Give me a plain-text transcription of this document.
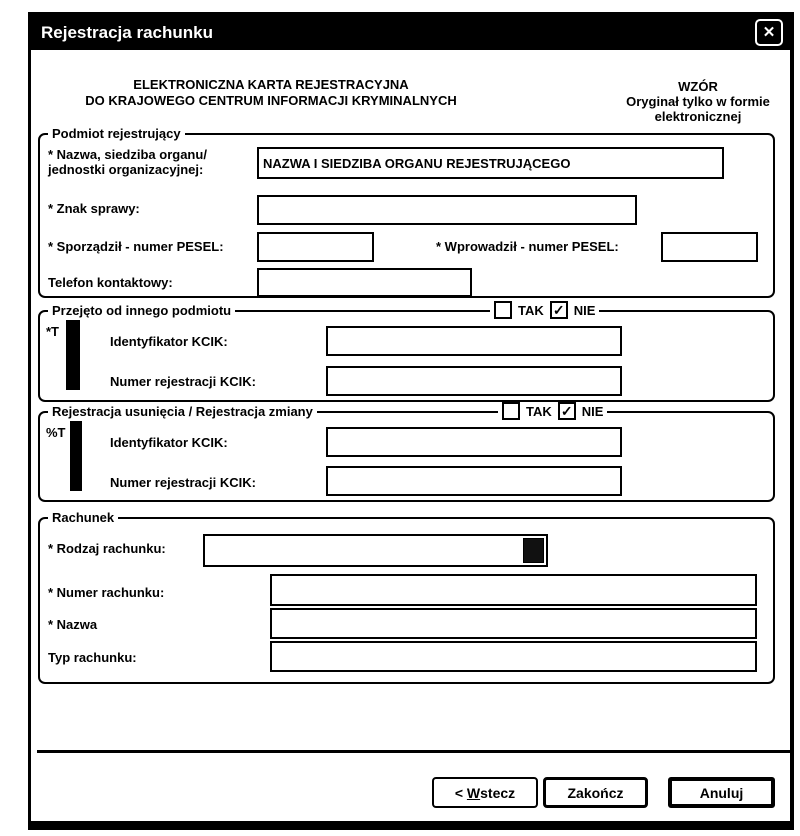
Rejestracja rachunku	✕
ELEKTRONICZNA KARTA REJESTRACYJNA
DO KRAJOWEGO CENTRUM INFORMACJI KRYMINALNYCH
WZÓR
Oryginał tylko w formie
elektronicznej
Podmiot rejestrujący
* Nazwa, siedziba organu/
jednostki organizacyjnej:
NAZWA I SIEDZIBA ORGANU REJESTRUJĄCEGO
* Znak sprawy:
* Sporządził - numer PESEL:	* Wprowadził - numer PESEL:
Telefon kontaktowy:
Przejęto od innego podmiotu	TAK ✓ NIE
*T
Identyfikator KCIK:
Numer rejestracji KCIK:
Rejestracja usunięcia / Rejestracja zmiany	TAK ✓ NIE
%T
Identyfikator KCIK:
Numer rejestracji KCIK:
Rachunek
* Rodzaj rachunku:
* Numer rachunku:
* Nazwa
Typ rachunku:
< Wstecz	Zakończ	Anuluj
